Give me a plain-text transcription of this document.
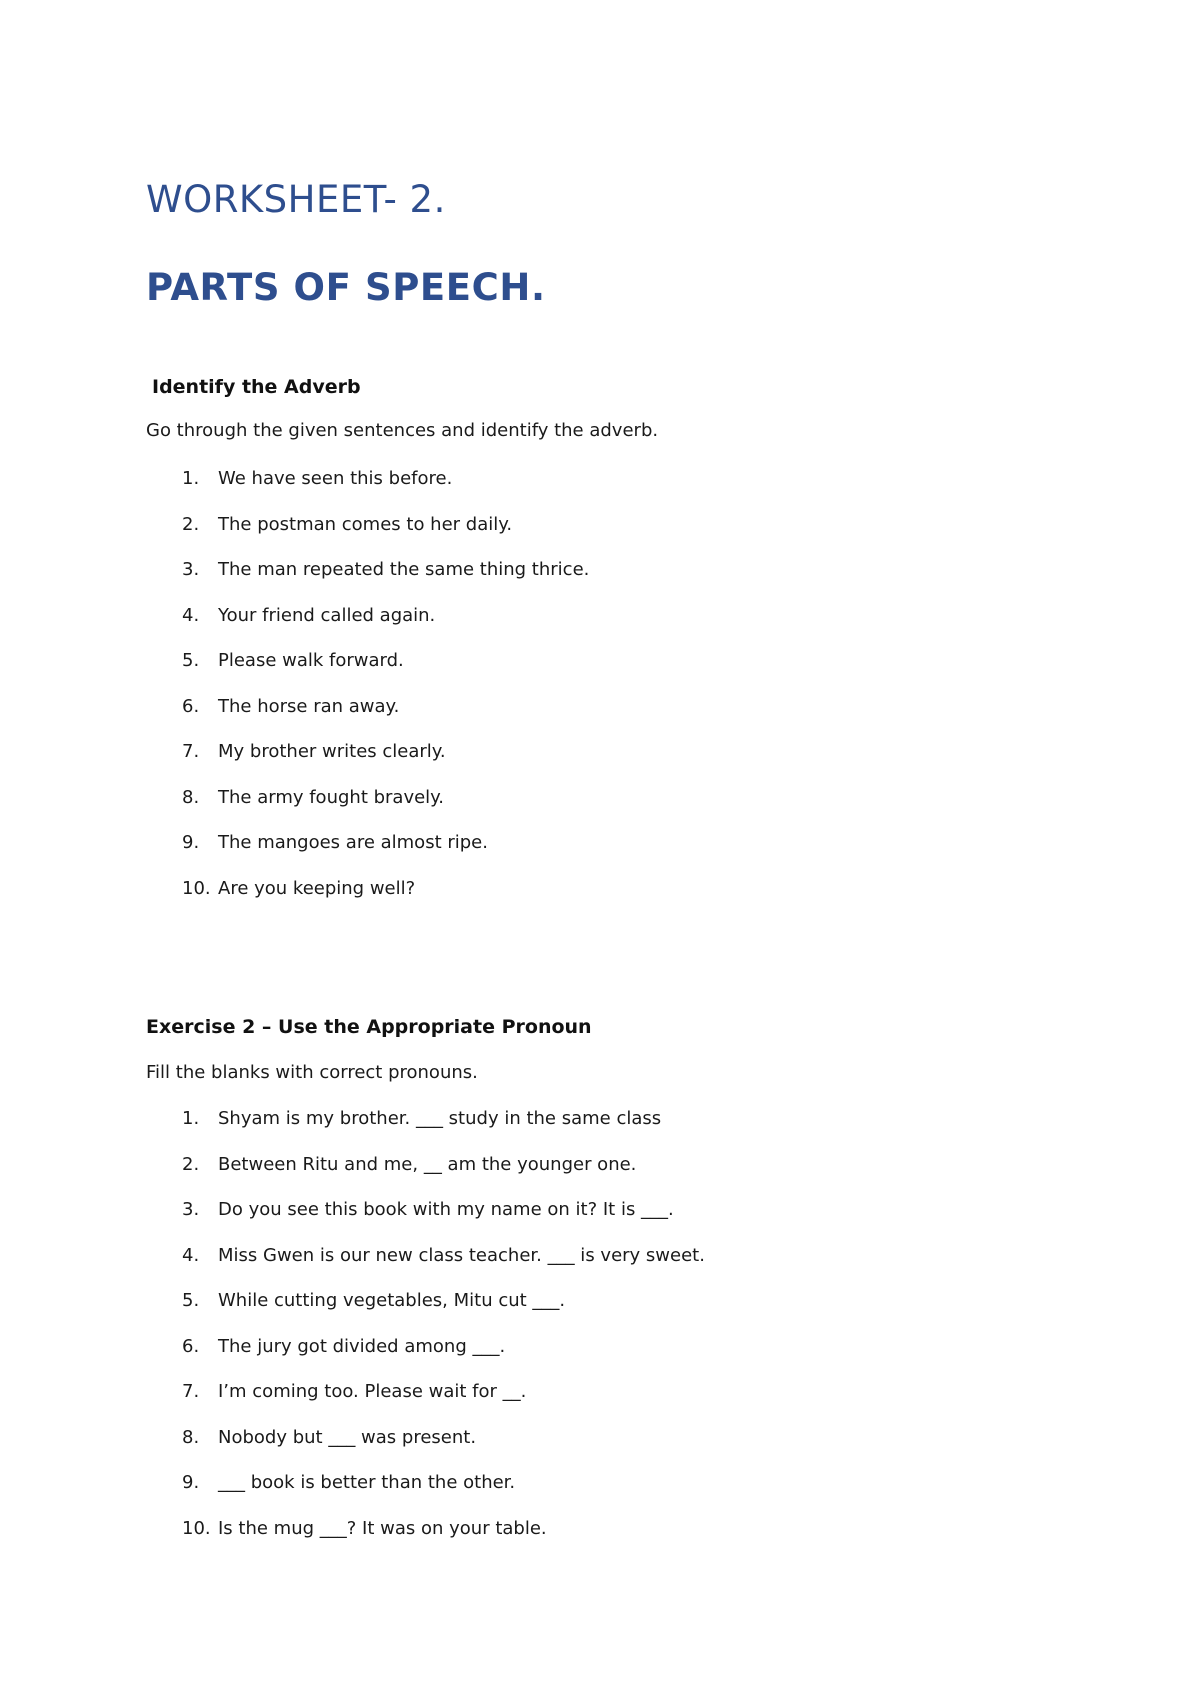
WORKSHEET- 2.
PARTS OF SPEECH.
Identify the Adverb
Go through the given sentences and identify the adverb.
1.	We have seen this before.
2.	The postman comes to her daily.
3.	The man repeated the same thing thrice.
4.	Your friend called again.
5.	Please walk forward.
6.	The horse ran away.
7.	My brother writes clearly.
8.	The army fought bravely.
9.	The mangoes are almost ripe.
10. Are you keeping well?
Exercise 2 – Use the Appropriate Pronoun
Fill the blanks with correct pronouns.
1.	Shyam is my brother. ___ study in the same class
2.	Between Ritu and me, __ am the younger one.
3.	Do you see this book with my name on it? It is ___.
4.	Miss Gwen is our new class teacher. ___ is very sweet.
5.	While cutting vegetables, Mitu cut ___.
6.	The jury got divided among ___.
7.	I’m coming too. Please wait for __.
8.	Nobody but ___ was present.
9.	___ book is better than the other.
10. Is the mug ___? It was on your table.
